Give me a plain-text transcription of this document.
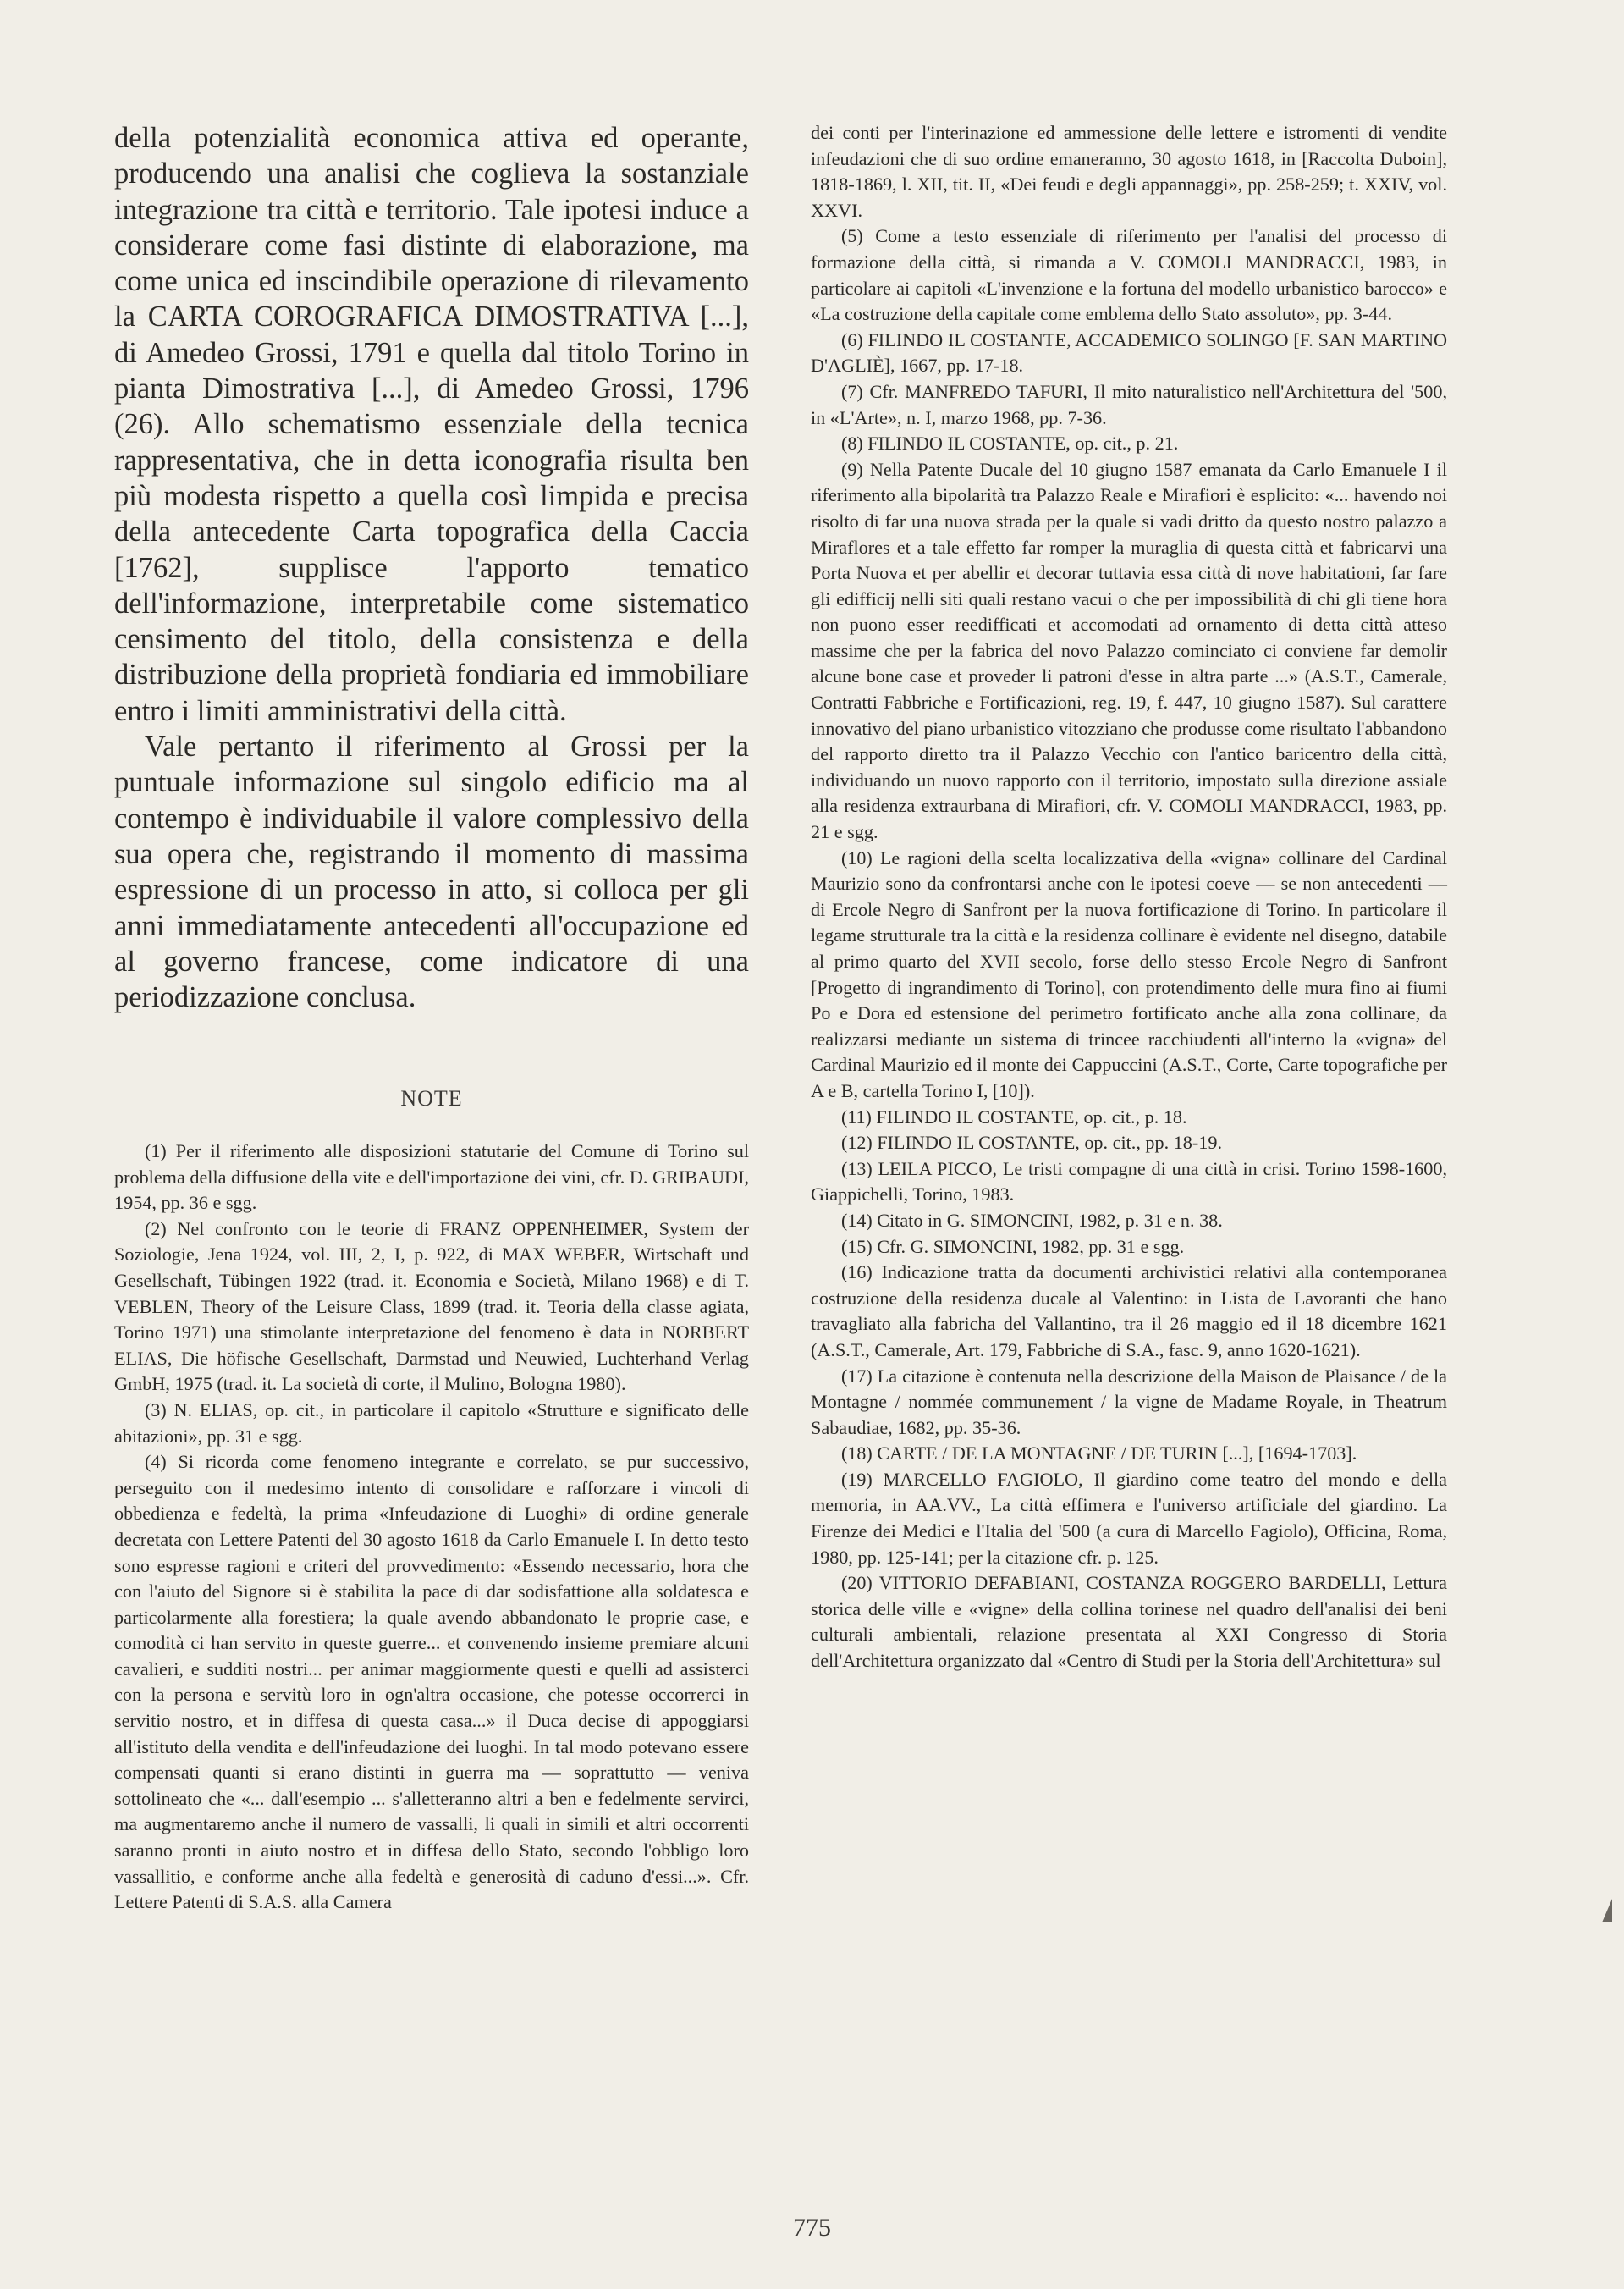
della potenzialità economica attiva ed operante, producendo una analisi che coglieva la sostanziale integrazione tra città e territorio. Tale ipotesi induce a considerare come fasi distinte di elaborazione, ma come unica ed inscindibile operazione di rilevamento la CARTA COROGRAFICA DIMOSTRATIVA [...], di Amedeo Grossi, 1791 e quella dal titolo Torino in pianta Dimostrativa [...], di Amedeo Grossi, 1796 (26). Allo schematismo essenziale della tecnica rappresentativa, che in detta iconografia risulta ben più modesta rispetto a quella così limpida e precisa della antecedente Carta topografica della Caccia [1762], supplisce l'apporto tematico dell'informazione, interpretabile come sistematico censimento del titolo, della consistenza e della distribuzione della proprietà fondiaria ed immobiliare entro i limiti amministrativi della città.

Vale pertanto il riferimento al Grossi per la puntuale informazione sul singolo edificio ma al contempo è individuabile il valore complessivo della sua opera che, registrando il momento di massima espressione di un processo in atto, si colloca per gli anni immediatamente antecedenti all'occupazione ed al governo francese, come indicatore di una periodizzazione conclusa.

NOTE

(1) Per il riferimento alle disposizioni statutarie del Comune di Torino sul problema della diffusione della vite e dell'importazione dei vini, cfr. D. GRIBAUDI, 1954, pp. 36 e sgg.

(2) Nel confronto con le teorie di FRANZ OPPENHEIMER, System der Soziologie, Jena 1924, vol. III, 2, I, p. 922, di MAX WEBER, Wirtschaft und Gesellschaft, Tübingen 1922 (trad. it. Economia e Società, Milano 1968) e di T. VEBLEN, Theory of the Leisure Class, 1899 (trad. it. Teoria della classe agiata, Torino 1971) una stimolante interpretazione del fenomeno è data in NORBERT ELIAS, Die höfische Gesellschaft, Darmstad und Neuwied, Luchterhand Verlag GmbH, 1975 (trad. it. La società di corte, il Mulino, Bologna 1980).

(3) N. ELIAS, op. cit., in particolare il capitolo «Strutture e significato delle abitazioni», pp. 31 e sgg.

(4) Si ricorda come fenomeno integrante e correlato, se pur successivo, perseguito con il medesimo intento di consolidare e rafforzare i vincoli di obbedienza e fedeltà, la prima «Infeudazione di Luoghi» di ordine generale decretata con Lettere Patenti del 30 agosto 1618 da Carlo Emanuele I. In detto testo sono espresse ragioni e criteri del provvedimento: «Essendo necessario, hora che con l'aiuto del Signore si è stabilita la pace di dar sodisfattione alla soldatesca e particolarmente alla forestiera; la quale avendo abbandonato le proprie case, e comodità ci han servito in queste guerre... et convenendo insieme premiare alcuni cavalieri, e sudditi nostri... per animar maggiormente questi e quelli ad assisterci con la persona e servitù loro in ogn'altra occasione, che potesse occorrerci in servitio nostro, et in diffesa di questa casa...» il Duca decise di appoggiarsi all'istituto della vendita e dell'infeudazione dei luoghi. In tal modo potevano essere compensati quanti si erano distinti in guerra ma — soprattutto — veniva sottolineato che «... dall'esempio ... s'alletteranno altri a ben e fedelmente servirci, ma augmentaremo anche il numero de vassalli, li quali in simili et altri occorrenti saranno pronti in aiuto nostro et in diffesa dello Stato, secondo l'obbligo loro vassallitio, e conforme anche alla fedeltà e generosità di caduno d'essi...». Cfr. Lettere Patenti di S.A.S. alla Camera

dei conti per l'interinazione ed ammessione delle lettere e istromenti di vendite infeudazioni che di suo ordine emaneranno, 30 agosto 1618, in [Raccolta Duboin], 1818-1869, l. XII, tit. II, «Dei feudi e degli appannaggi», pp. 258-259; t. XXIV, vol. XXVI.

(5) Come a testo essenziale di riferimento per l'analisi del processo di formazione della città, si rimanda a V. COMOLI MANDRACCI, 1983, in particolare ai capitoli «L'invenzione e la fortuna del modello urbanistico barocco» e «La costruzione della capitale come emblema dello Stato assoluto», pp. 3-44.

(6) FILINDO IL COSTANTE, ACCADEMICO SOLINGO [F. SAN MARTINO D'AGLIÈ], 1667, pp. 17-18.

(7) Cfr. MANFREDO TAFURI, Il mito naturalistico nell'Architettura del '500, in «L'Arte», n. I, marzo 1968, pp. 7-36.

(8) FILINDO IL COSTANTE, op. cit., p. 21.

(9) Nella Patente Ducale del 10 giugno 1587 emanata da Carlo Emanuele I il riferimento alla bipolarità tra Palazzo Reale e Mirafiori è esplicito: «... havendo noi risolto di far una nuova strada per la quale si vadi dritto da questo nostro palazzo a Miraflores et a tale effetto far romper la muraglia di questa città et fabricarvi una Porta Nuova et per abellir et decorar tuttavia essa città di nove habitationi, far fare gli edifficij nelli siti quali restano vacui o che per impossibilità di chi gli tiene hora non puono esser reedifficati et accomodati ad ornamento di detta città atteso massime che per la fabrica del novo Palazzo cominciato ci conviene far demolir alcune bone case et proveder li patroni d'esse in altra parte ...» (A.S.T., Camerale, Contratti Fabbriche e Fortificazioni, reg. 19, f. 447, 10 giugno 1587). Sul carattere innovativo del piano urbanistico vitozziano che produsse come risultato l'abbandono del rapporto diretto tra il Palazzo Vecchio con l'antico baricentro della città, individuando un nuovo rapporto con il territorio, impostato sulla direzione assiale alla residenza extraurbana di Mirafiori, cfr. V. COMOLI MANDRACCI, 1983, pp. 21 e sgg.

(10) Le ragioni della scelta localizzativa della «vigna» collinare del Cardinal Maurizio sono da confrontarsi anche con le ipotesi coeve — se non antecedenti — di Ercole Negro di Sanfront per la nuova fortificazione di Torino. In particolare il legame strutturale tra la città e la residenza collinare è evidente nel disegno, databile al primo quarto del XVII secolo, forse dello stesso Ercole Negro di Sanfront [Progetto di ingrandimento di Torino], con protendimento delle mura fino ai fiumi Po e Dora ed estensione del perimetro fortificato anche alla zona collinare, da realizzarsi mediante un sistema di trincee racchiudenti all'interno la «vigna» del Cardinal Maurizio ed il monte dei Cappuccini (A.S.T., Corte, Carte topografiche per A e B, cartella Torino I, [10]).

(11) FILINDO IL COSTANTE, op. cit., p. 18.

(12) FILINDO IL COSTANTE, op. cit., pp. 18-19.

(13) LEILA PICCO, Le tristi compagne di una città in crisi. Torino 1598-1600, Giappichelli, Torino, 1983.

(14) Citato in G. SIMONCINI, 1982, p. 31 e n. 38.

(15) Cfr. G. SIMONCINI, 1982, pp. 31 e sgg.

(16) Indicazione tratta da documenti archivistici relativi alla contemporanea costruzione della residenza ducale al Valentino: in Lista de Lavoranti che hano travagliato alla fabricha del Vallantino, tra il 26 maggio ed il 18 dicembre 1621 (A.S.T., Camerale, Art. 179, Fabbriche di S.A., fasc. 9, anno 1620-1621).

(17) La citazione è contenuta nella descrizione della Maison de Plaisance / de la Montagne / nommée communement / la vigne de Madame Royale, in Theatrum Sabaudiae, 1682, pp. 35-36.

(18) CARTE / DE LA MONTAGNE / DE TURIN [...], [1694-1703].

(19) MARCELLO FAGIOLO, Il giardino come teatro del mondo e della memoria, in AA.VV., La città effimera e l'universo artificiale del giardino. La Firenze dei Medici e l'Italia del '500 (a cura di Marcello Fagiolo), Officina, Roma, 1980, pp. 125-141; per la citazione cfr. p. 125.

(20) VITTORIO DEFABIANI, COSTANZA ROGGERO BARDELLI, Lettura storica delle ville e «vigne» della collina torinese nel quadro dell'analisi dei beni culturali ambientali, relazione presentata al XXI Congresso di Storia dell'Architettura organizzato dal «Centro di Studi per la Storia dell'Architettura» sul

775
